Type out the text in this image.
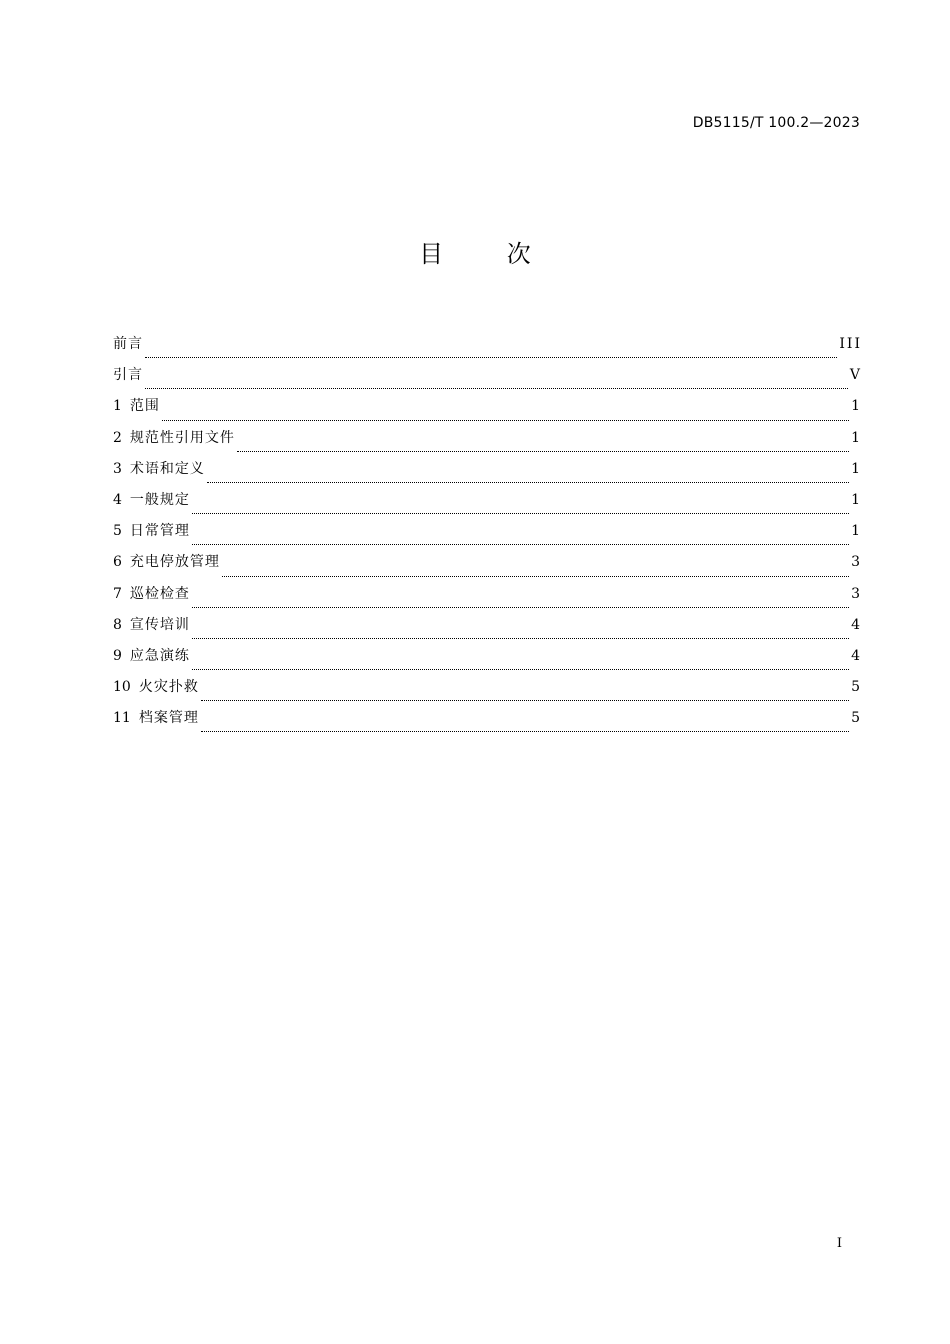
DB5115/T 100.2—2023
目 次
前言	III
引言	V
1 范围	1
2 规范性引用文件	1
3 术语和定义	1
4 一般规定	1
5 日常管理	1
6 充电停放管理	3
7 巡检检查	3
8 宣传培训	4
9 应急演练	4
10 火灾扑救	5
11 档案管理	5
I
